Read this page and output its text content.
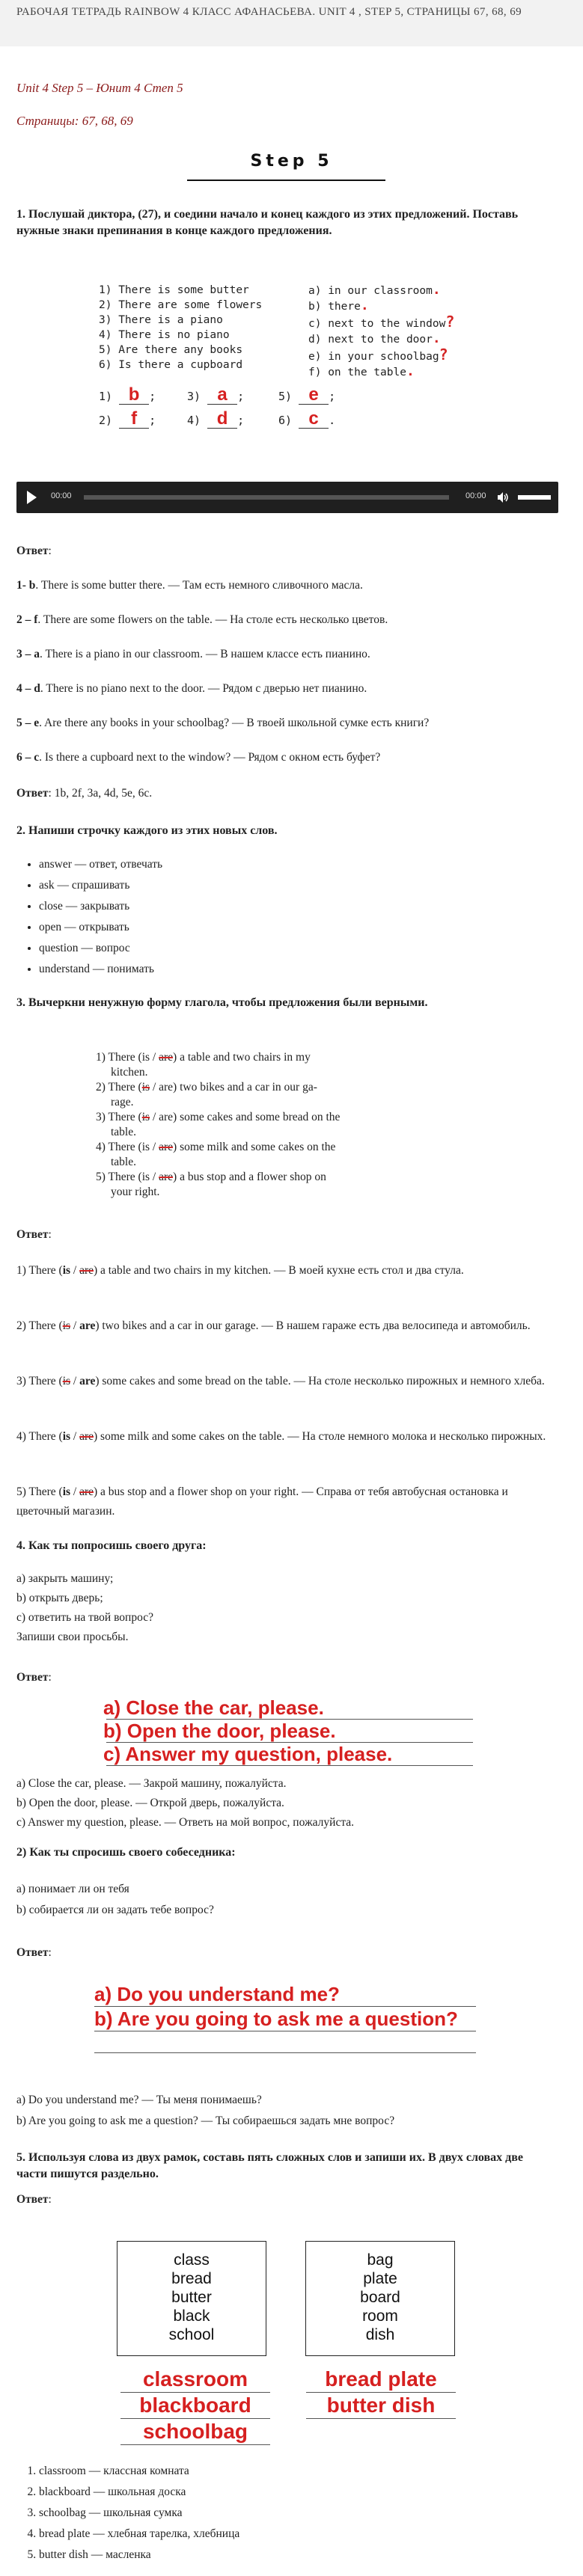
РАБОЧАЯ ТЕТРАДЬ RAINBOW 4 КЛАСС АФАНАСЬЕВА. UNIT 4 , STEP 5, СТРАНИЦЫ 67, 68, 69
Unit 4 Step 5 – Юнит 4 Степ 5
Страницы: 67, 68, 69
Step 5
1. Послушай диктора, (27), и соедини начало и конец каждого из этих предложений. Поставь нужные знаки препинания в конце каждого предложения.
1) There is some butter
2) There are some flowers
3) There is a piano
4) There is no piano
5) Are there any books
6) Is there a cupboard
a) in our classroom.
b) there.
c) next to the window?
d) next to the door.
e) in your schoolbag?
f) on the table.
1) b ;	3) a ;	5) e ;
2) f ;	4) d ;	6) c .
00:00	00:00
Ответ:
1- b. There is some butter there. — Там есть немного сливочного масла.
2 – f. There are some flowers on the table. — На столе есть несколько цветов.
3 – a. There is a piano in our classroom. — В нашем классе есть пианино.
4 – d. There is no piano next to the door. — Рядом с дверью нет пианино.
5 – e. Are there any books in your schoolbag? — В твоей школьной сумке есть книги?
6 – c. Is there a cupboard next to the window? — Рядом с окном есть буфет?
Ответ: 1b, 2f, 3a, 4d, 5e, 6c.
2. Напиши строчку каждого из этих новых слов.
• answer — ответ, отвечать
• ask — спрашивать
• close — закрывать
• open — открывать
• question — вопрос
• understand — понимать
3. Вычеркни ненужную форму глагола, чтобы предложения были верными.
1) There (is / are) a table and two chairs in my
kitchen.
2) There (is / are) two bikes and a car in our ga-
rage.
3) There (is / are) some cakes and some bread on the
table.
4) There (is / are) some milk and some cakes on the
table.
5) There (is / are) a bus stop and a flower shop on
your right.
Ответ:
1) There (is / are) a table and two chairs in my kitchen. — В моей кухне есть стол и два стула.
2) There (is / are) two bikes and a car in our garage. — В нашем гараже есть два велосипеда и автомобиль.
3) There (is / are) some cakes and some bread on the table. — На столе несколько пирожных и немного хлеба.
4) There (is / are) some milk and some cakes on the table. — На столе немного молока и несколько пирожных.
5) There (is / are) a bus stop and a flower shop on your right. — Справа от тебя автобусная остановка и цветочный магазин.
4. Как ты попросишь своего друга:
a) закрыть машину;
b) открыть дверь;
c) ответить на твой вопрос?
Запиши свои просьбы.
Ответ:
a) Close the car, please.
b) Open the door, please.
c) Answer my question, please.
a) Close the car, please. — Закрой машину, пожалуйста.
b) Open the door, please. — Открой дверь, пожалуйста.
c) Answer my question, please. — Ответь на мой вопрос, пожалуйста.
2) Как ты спросишь своего собеседника:
a) понимает ли он тебя
b) собирается ли он задать тебе вопрос?
Ответ:
a) Do you understand me?
b) Are you going to ask me a question?
a) Do you understand me? — Ты меня понимаешь?
b) Are you going to ask me a question? — Ты собираешься задать мне вопрос?
5. Используя слова из двух рамок, составь пять сложных слов и запиши их. В двух словах две части пишутся раздельно.
Ответ:
class
bread
butter
black
school
bag
plate
board
room
dish
classroom
blackboard
schoolbag
bread plate
butter dish
1. classroom — классная комната
2. blackboard — школьная доска
3. schoolbag — школьная сумка
4. bread plate — хлебная тарелка, хлебница
5. butter dish — масленка
